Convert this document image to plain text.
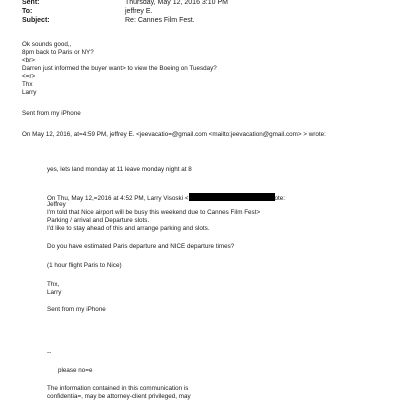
Sent:	Thursday, May 12, 2016 3:10 PM
To:	jeffrey E.
Subject:	Re: Cannes Film Fest.
Ok sounds good,,
8pm back to Paris or NY?
<br>
Darren just informed the buyer want> to view the Boeing on Tuesday?
<=r>
Thx
Larry
Sent from my iPhone
On May 12, 2016, at=4:59 PM, jeffrey E. <jeevacatio=@gmail.com <mailto:jeevacation@gmail.com> > wrote:
yes, lets land monday at 11 leave monday night at 8
On Thu, May 12,=2016 at 4:52 PM, Larry Visoski <	ote:
Jeffrey
I'm told that Nice airport will be busy this weekend due to Cannes Film Fest>
Parking / arrival and Departure slots.
I'd like to stay ahead of this and arrange parking and slots.
Do you have estimated Paris departure and NICE departure times?
(1 hour flight Paris to Nice)
Thx,
Larry
Sent from my iPhone
--
please no=e
The information contained in this communication is
confidentia=, may be attorney-client privileged, may
